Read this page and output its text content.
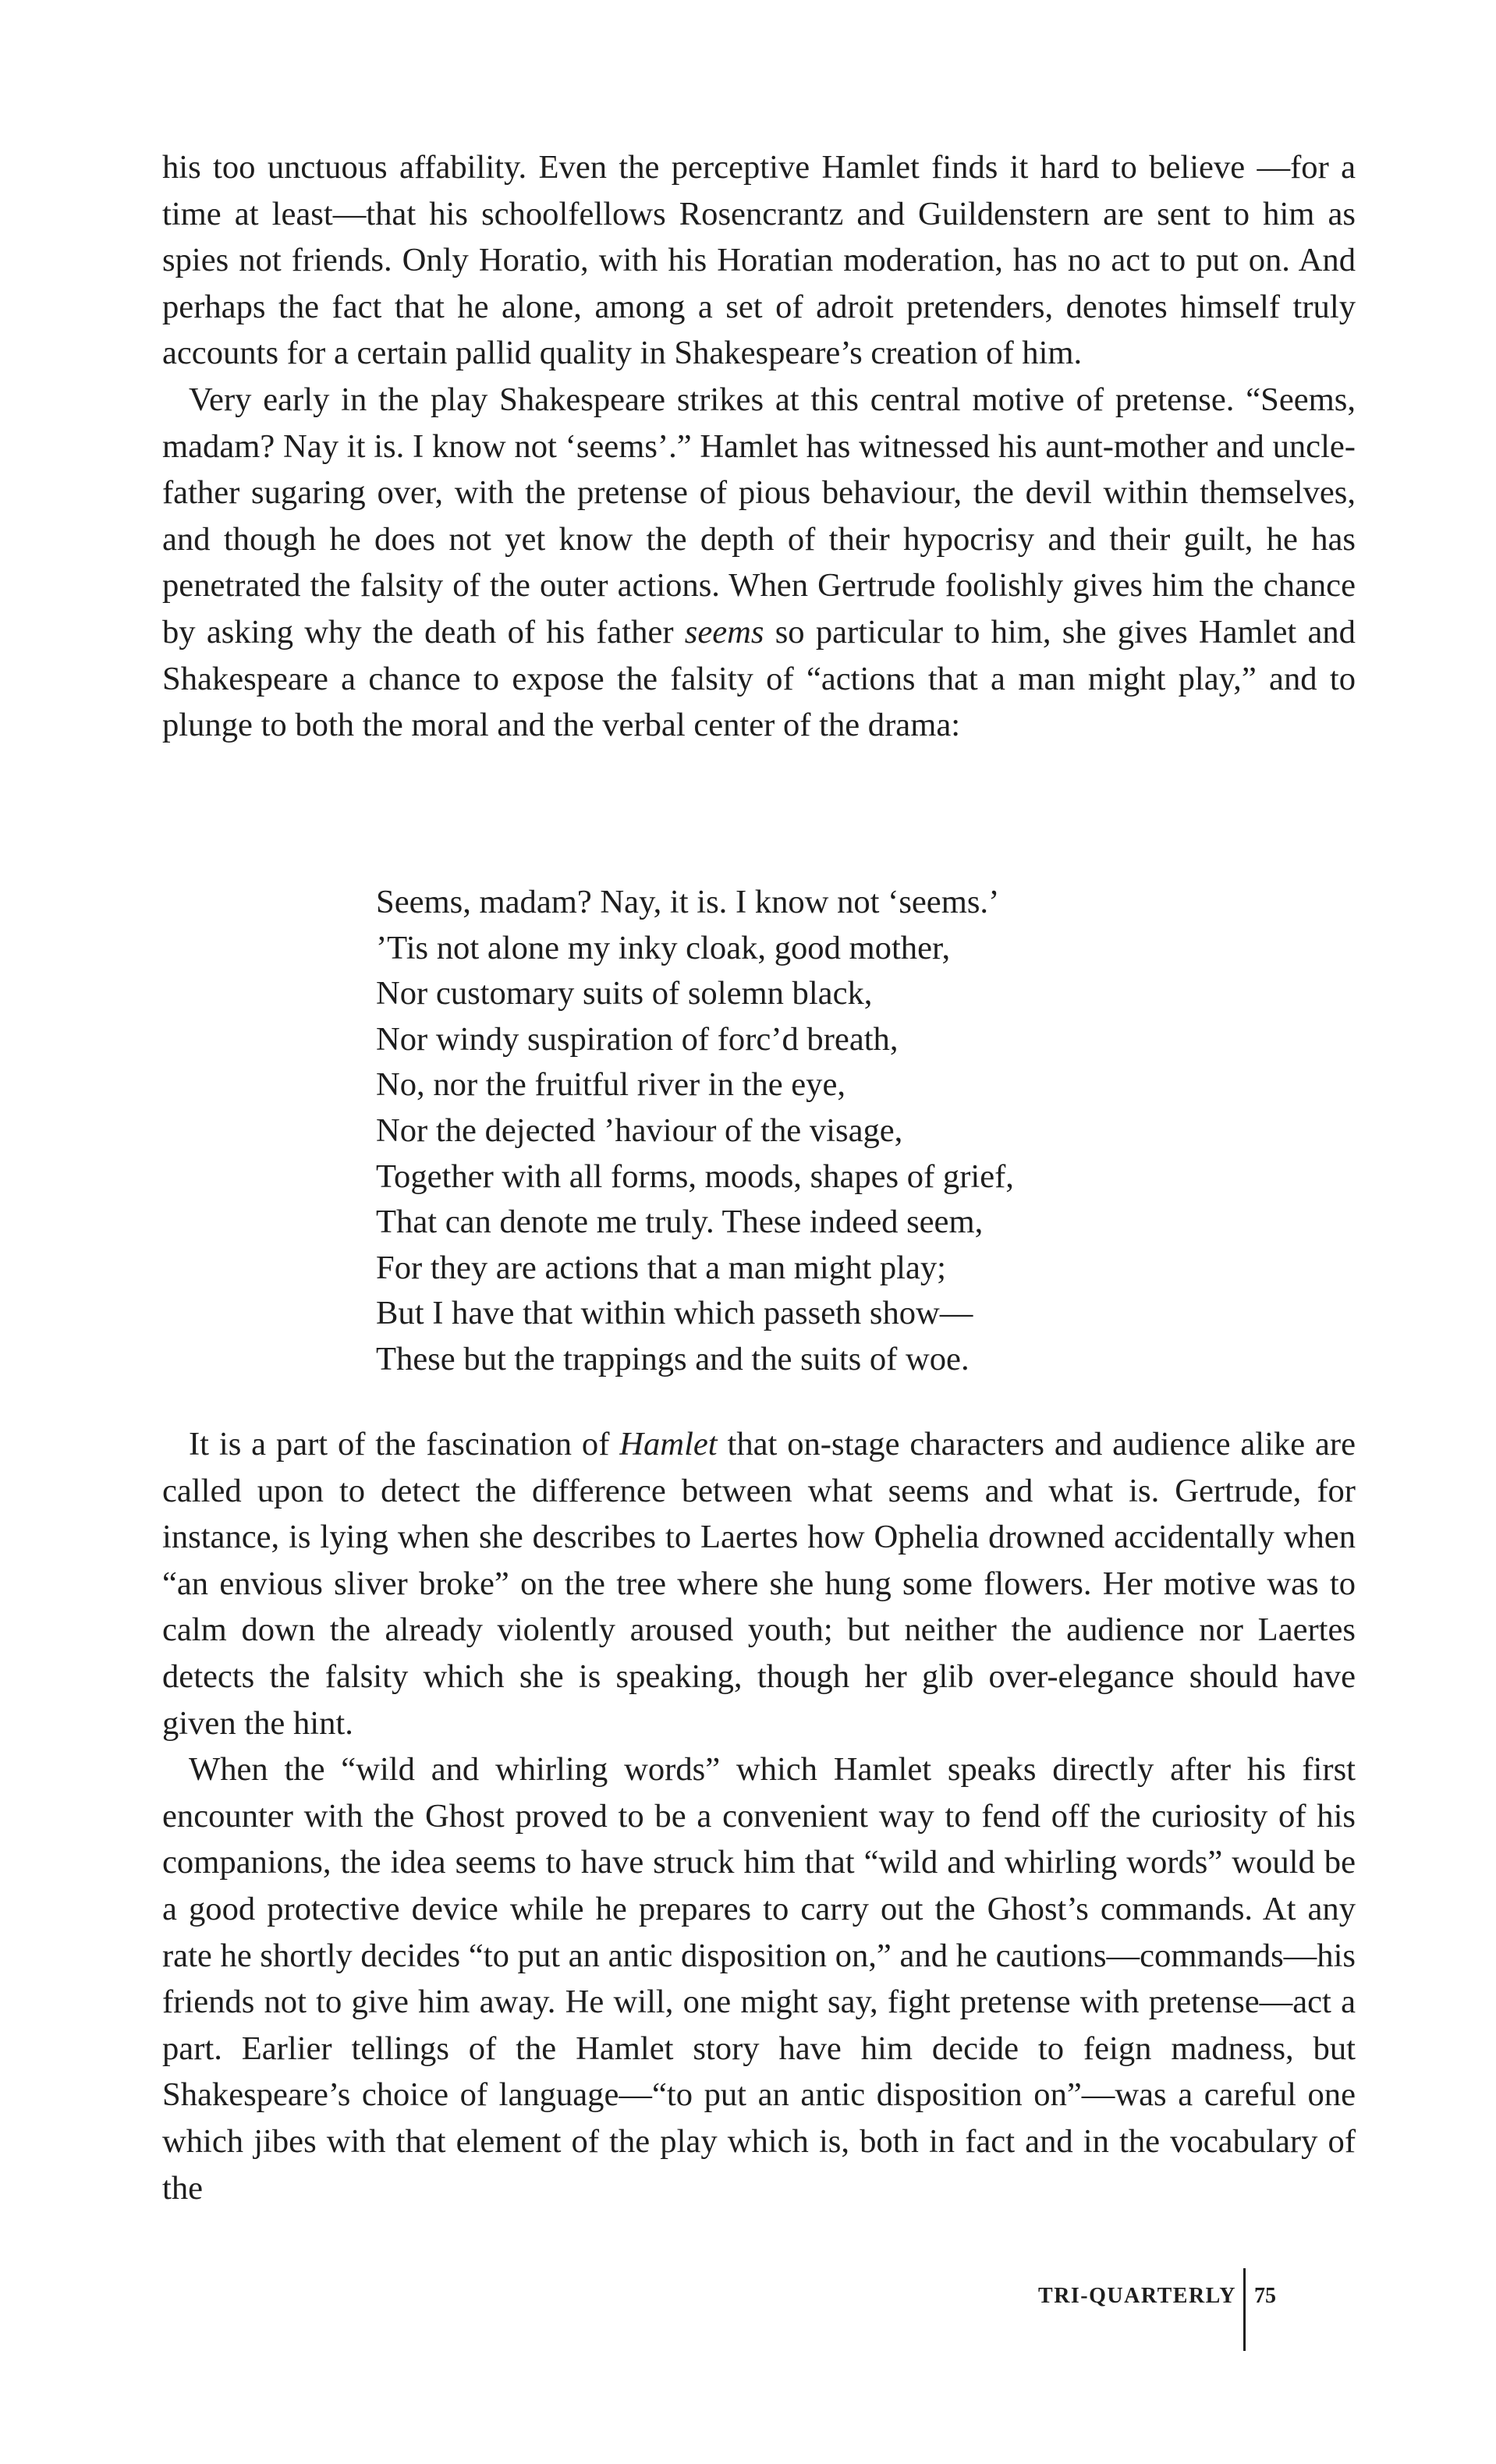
his too unctuous affability. Even the perceptive Hamlet finds it hard to believe —for a time at least—that his schoolfellows Rosencrantz and Guildenstern are sent to him as spies not friends. Only Horatio, with his Horatian moderation, has no act to put on. And perhaps the fact that he alone, among a set of adroit pretenders, denotes himself truly accounts for a certain pallid quality in Shakespeare’s creation of him.

Very early in the play Shakespeare strikes at this central motive of pretense. “Seems, madam? Nay it is. I know not ‘seems’.” Hamlet has witnessed his aunt-mother and uncle-father sugaring over, with the pretense of pious behaviour, the devil within themselves, and though he does not yet know the depth of their hypocrisy and their guilt, he has penetrated the falsity of the outer actions. When Gertrude foolishly gives him the chance by asking why the death of his father seems so particular to him, she gives Hamlet and Shakespeare a chance to expose the falsity of “actions that a man might play,” and to plunge to both the moral and the verbal center of the drama:

Seems, madam? Nay, it is. I know not ‘seems.’
’Tis not alone my inky cloak, good mother,
Nor customary suits of solemn black,
Nor windy suspiration of forc’d breath,
No, nor the fruitful river in the eye,
Nor the dejected ’haviour of the visage,
Together with all forms, moods, shapes of grief,
That can denote me truly. These indeed seem,
For they are actions that a man might play;
But I have that within which passeth show—
These but the trappings and the suits of woe.

It is a part of the fascination of Hamlet that on-stage characters and audience alike are called upon to detect the difference between what seems and what is. Gertrude, for instance, is lying when she describes to Laertes how Ophelia drowned accidentally when “an envious sliver broke” on the tree where she hung some flowers. Her motive was to calm down the already violently aroused youth; but neither the audience nor Laertes detects the falsity which she is speaking, though her glib over-elegance should have given the hint.

When the “wild and whirling words” which Hamlet speaks directly after his first encounter with the Ghost proved to be a convenient way to fend off the curiosity of his companions, the idea seems to have struck him that “wild and whirling words” would be a good protective device while he prepares to carry out the Ghost’s commands. At any rate he shortly decides “to put an antic disposition on,” and he cautions—commands—his friends not to give him away. He will, one might say, fight pretense with pretense—act a part. Earlier tellings of the Hamlet story have him decide to feign madness, but Shakespeare’s choice of language—“to put an antic disposition on”—was a careful one which jibes with that element of the play which is, both in fact and in the vocabulary of the

TRI-QUARTERLY 75
